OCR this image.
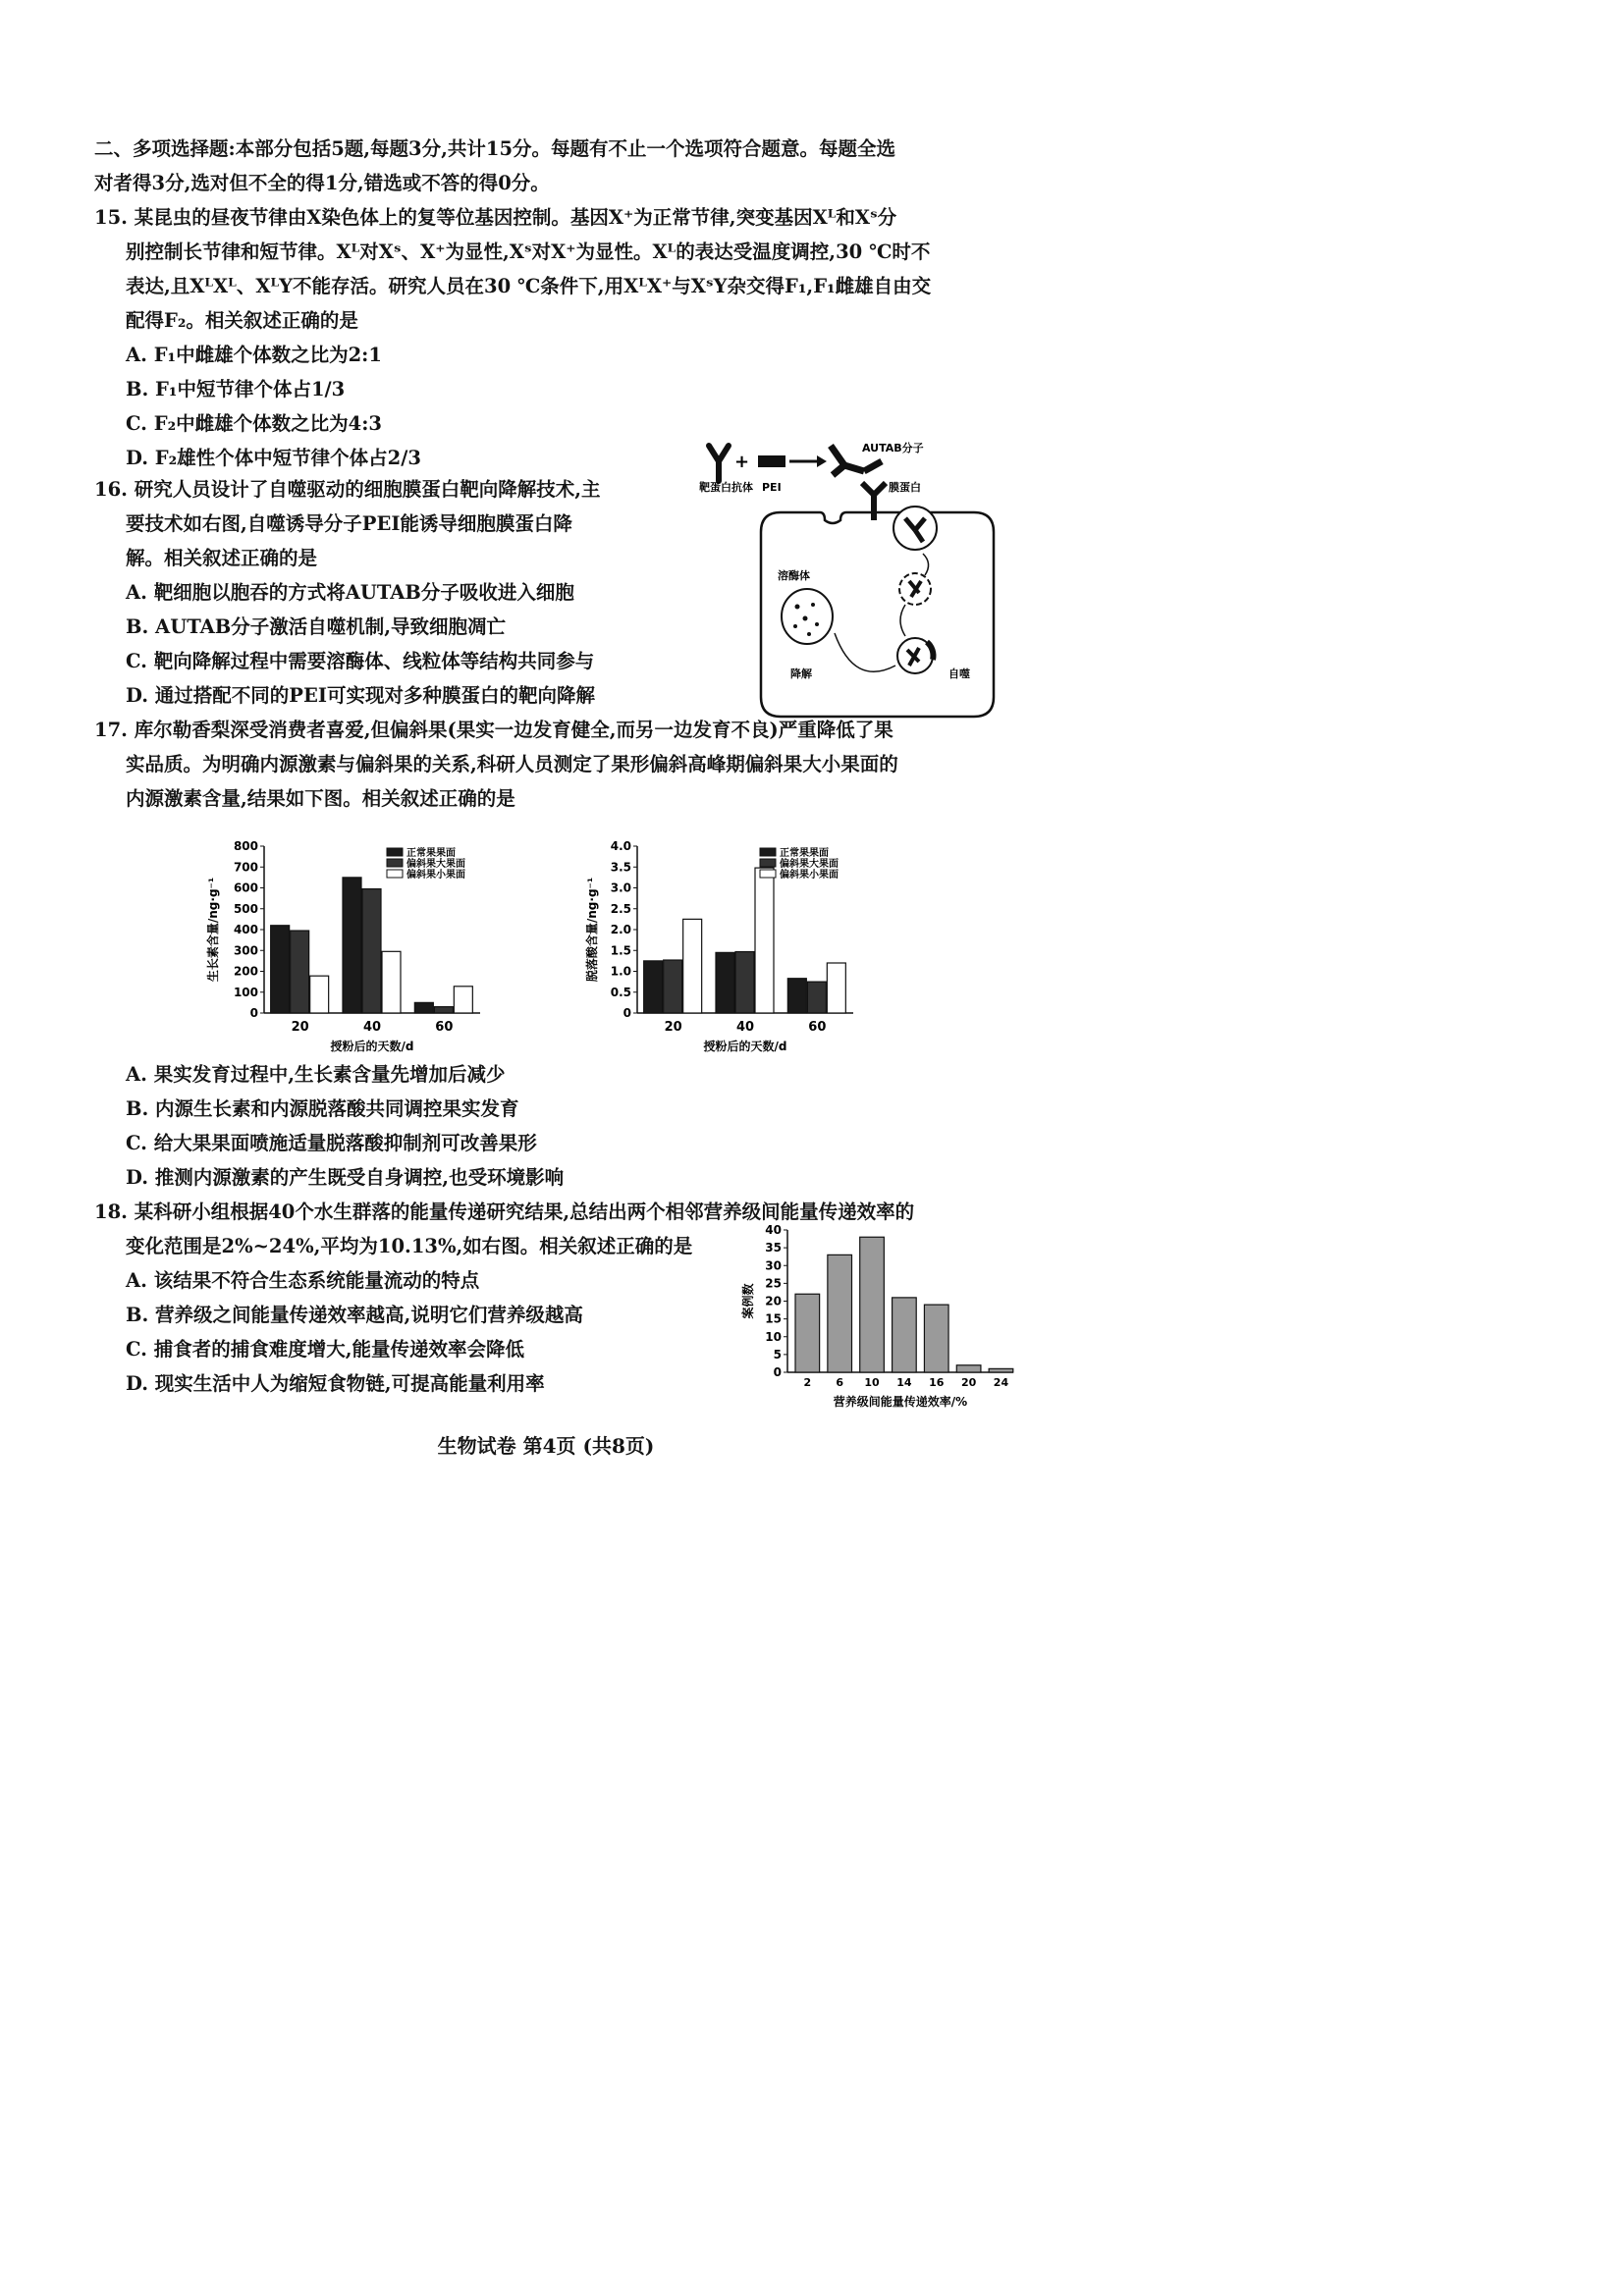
二、多项选择题:本部分包括5题,每题3分,共计15分。每题有不止一个选项符合题意。每题全选
对者得3分,选对但不全的得1分,错选或不答的得0分。
15. 某昆虫的昼夜节律由X染色体上的复等位基因控制。基因X⁺为正常节律,突变基因Xᴸ和Xˢ分
别控制长节律和短节律。Xᴸ对Xˢ、X⁺为显性,Xˢ对X⁺为显性。Xᴸ的表达受温度调控,30 ℃时不
表达,且XᴸXᴸ、XᴸY不能存活。研究人员在30 ℃条件下,用XᴸX⁺与XˢY杂交得F₁,F₁雌雄自由交
配得F₂。相关叙述正确的是
A. F₁中雌雄个体数之比为2:1
B. F₁中短节律个体占1/3
C. F₂中雌雄个体数之比为4:3
D. F₂雄性个体中短节律个体占2/3
16. 研究人员设计了自噬驱动的细胞膜蛋白靶向降解技术,主
要技术如右图,自噬诱导分子PEI能诱导细胞膜蛋白降
解。相关叙述正确的是
A. 靶细胞以胞吞的方式将AUTAB分子吸收进入细胞
B. AUTAB分子激活自噬机制,导致细胞凋亡
C. 靶向降解过程中需要溶酶体、线粒体等结构共同参与
D. 通过搭配不同的PEI可实现对多种膜蛋白的靶向降解
靶蛋白抗体
+
PEI
AUTAB分子
膜蛋白
溶酶体
降解	自噬
17. 库尔勒香梨深受消费者喜爱,但偏斜果(果实一边发育健全,而另一边发育不良)严重降低了果
实品质。为明确内源激素与偏斜果的关系,科研人员测定了果形偏斜高峰期偏斜果大小果面的
内源激素含量,结果如下图。相关叙述正确的是
0
100
200
300
400
500
600
700
800
20	40	60
授粉后的天数/d
生长素含量/ng·g⁻¹
正常果果面
偏斜果大果面
偏斜果小果面
0
0.5
1.0
1.5
2.0
2.5
3.0
3.5
4.0
20	40	60
授粉后的天数/d
脱落酸含量/ng·g⁻¹
正常果果面
偏斜果大果面
偏斜果小果面
A. 果实发育过程中,生长素含量先增加后减少
B. 内源生长素和内源脱落酸共同调控果实发育
C. 给大果果面喷施适量脱落酸抑制剂可改善果形
D. 推测内源激素的产生既受自身调控,也受环境影响
18. 某科研小组根据40个水生群落的能量传递研究结果,总结出两个相邻营养级间能量传递效率的
变化范围是2%~24%,平均为10.13%,如右图。相关叙述正确的是
A. 该结果不符合生态系统能量流动的特点
B. 营养级之间能量传递效率越高,说明它们营养级越高
C. 捕食者的捕食难度增大,能量传递效率会降低
D. 现实生活中人为缩短食物链,可提高能量利用率	0
5
10
15
20
25
30
35
40
2 6 10 14 16 20 24
营养级间能量传递效率/%
案例数
生物试卷 第4页 (共8页)
